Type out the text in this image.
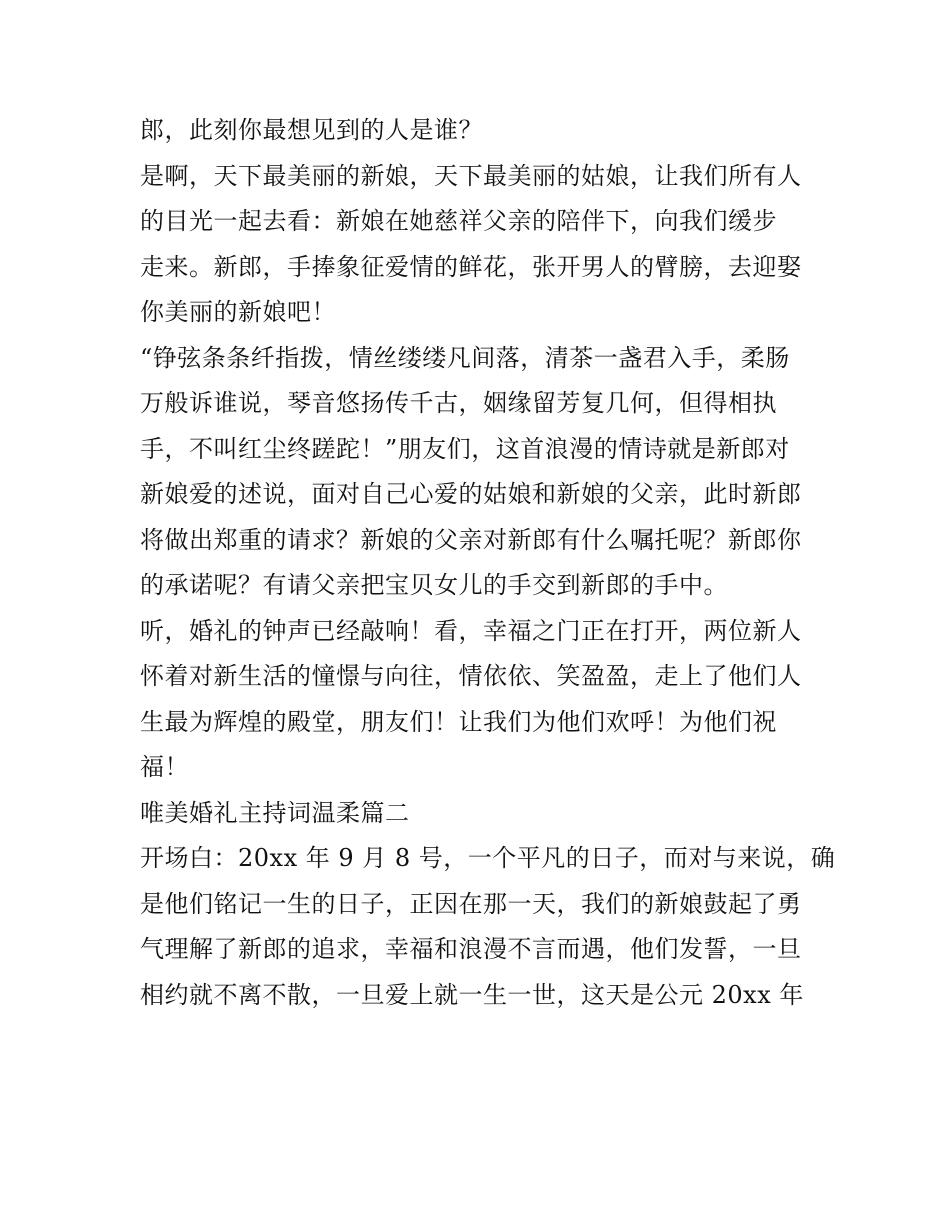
郎，此刻你最想见到的人是谁？

是啊，天下最美丽的新娘，天下最美丽的姑娘，让我们所有人
的目光一起去看：新娘在她慈祥父亲的陪伴下，向我们缓步
走来。新郎，手捧象征爱情的鲜花，张开男人的臂膀，去迎娶
你美丽的新娘吧！

“铮弦条条纤指拨，情丝缕缕凡间落，清茶一盏君入手，柔肠
万般诉谁说，琴音悠扬传千古，姻缘留芳复几何，但得相执
手，不叫红尘终蹉跎！”朋友们，这首浪漫的情诗就是新郎对
新娘爱的述说，面对自己心爱的姑娘和新娘的父亲，此时新郎
将做出郑重的请求？新娘的父亲对新郎有什么嘱托呢？新郎你
的承诺呢？有请父亲把宝贝女儿的手交到新郎的手中。

听，婚礼的钟声已经敲响！看，幸福之门正在打开，两位新人
怀着对新生活的憧憬与向往，情依依、笑盈盈，走上了他们人
生最为辉煌的殿堂，朋友们！让我们为他们欢呼！为他们祝
福！

唯美婚礼主持词温柔篇二

开场白：20xx 年 9 月 8 号，一个平凡的日子，而对与来说，确
是他们铭记一生的日子，正因在那一天，我们的新娘鼓起了勇
气理解了新郎的追求，幸福和浪漫不言而遇，他们发誓，一旦
相约就不离不散，一旦爱上就一生一世，这天是公元 20xx 年
